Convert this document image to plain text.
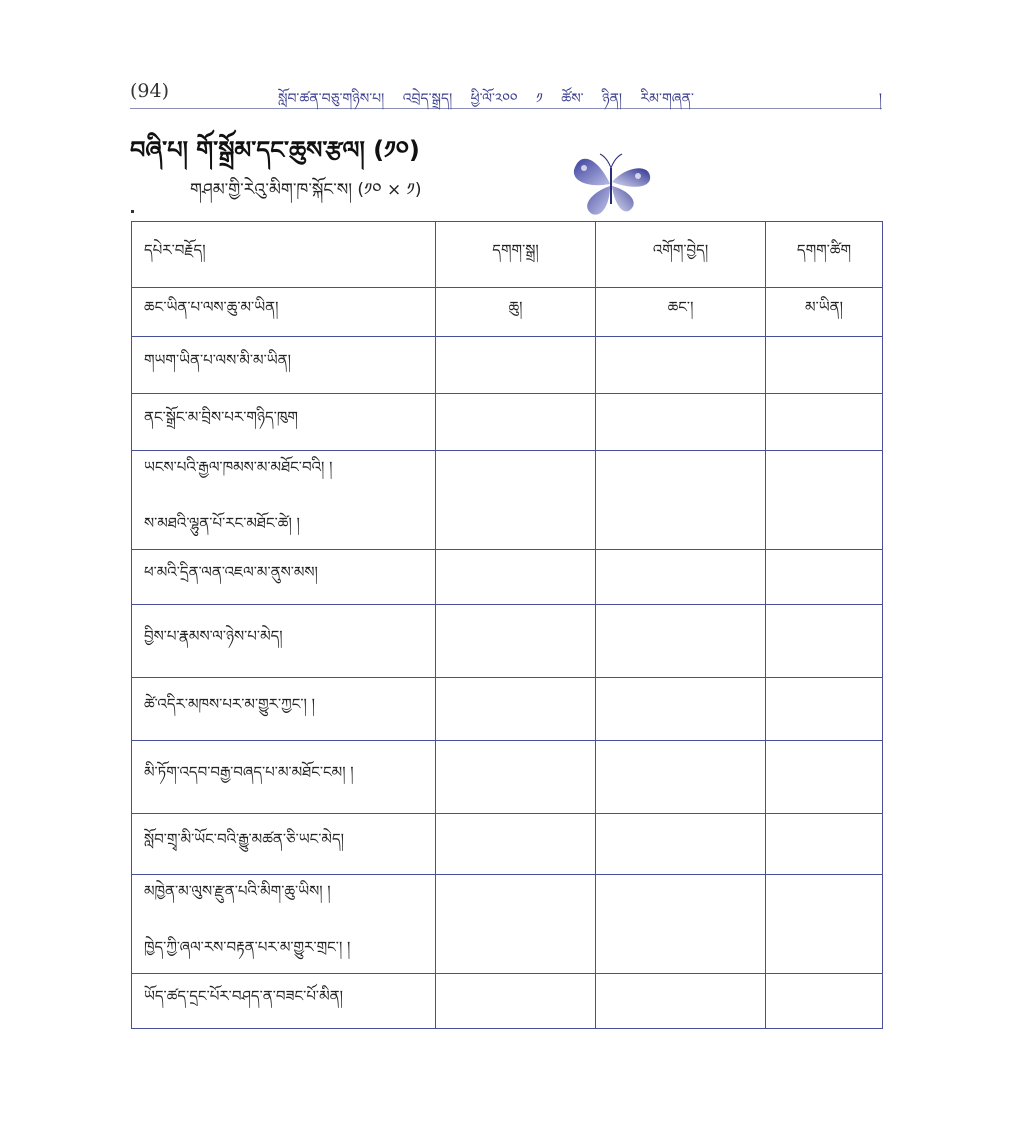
(94)	སློབ་ཚན་བཅུ་གཉིས་པ། འབྲེད་སྒྲད། ཕྱི་ལོ་༢༠༠ ༡ ཚོས་ ཉིན། རིམ་གཞན་	།
བཞི་པ། གོ་སྒྲོམ་དང་ཆུས་རྩལ། (༡༠)
གཤམ་གྱི་རེའུ་མིག་ཁ་སྐོང་ས། (༡༠ × ༡)
དཔེར་བརྗོད།	དགག་སྒྲ།	འགོག་བྱེད།	དགག་ཚིག
ཆང་ཡིན་པ་ལས་ཆུ་མ་ཡིན།	ཆུ།	ཆང་།	མ་ཡིན།
གཡག་ཡིན་པ་ལས་མི་མ་ཡིན།			
ནང་སྒྲོང་མ་བྲིས་པར་གཉིད་ཁུག			
ཡངས་པའི་རྒྱལ་ཁམས་མ་མཐོང་བའི། །
ས་མཐའི་ལྷུན་པོ་རང་མཐོང་ཚེ། །			

ཕ་མའི་དྲིན་ལན་འཇལ་མ་ནུས་མས།			
བྱིས་པ་རྣམས་ལ་ཉེས་པ་མེད།			
ཚེ་འདིར་མཁས་པར་མ་གྱུར་ཀྱང་། །			
མི་ཏོག་འདབ་བརྒྱ་བཞད་པ་མ་མཐོང་ངམ། །			
སློབ་གྲྭ་མི་ཡོང་བའི་རྒྱུ་མཚན་ཅི་ཡང་མེད།			
མཁྱེན་མ་ལུས་རྫུན་པའི་མིག་ཆུ་ཡིས། །
ཁྱེད་ཀྱི་ཞལ་རས་བརྟན་པར་མ་གྱུར་གྲང་། །			

ཡོད་ཚད་དྲང་པོར་བཤད་ན་བཟང་པོ་མིན།			
